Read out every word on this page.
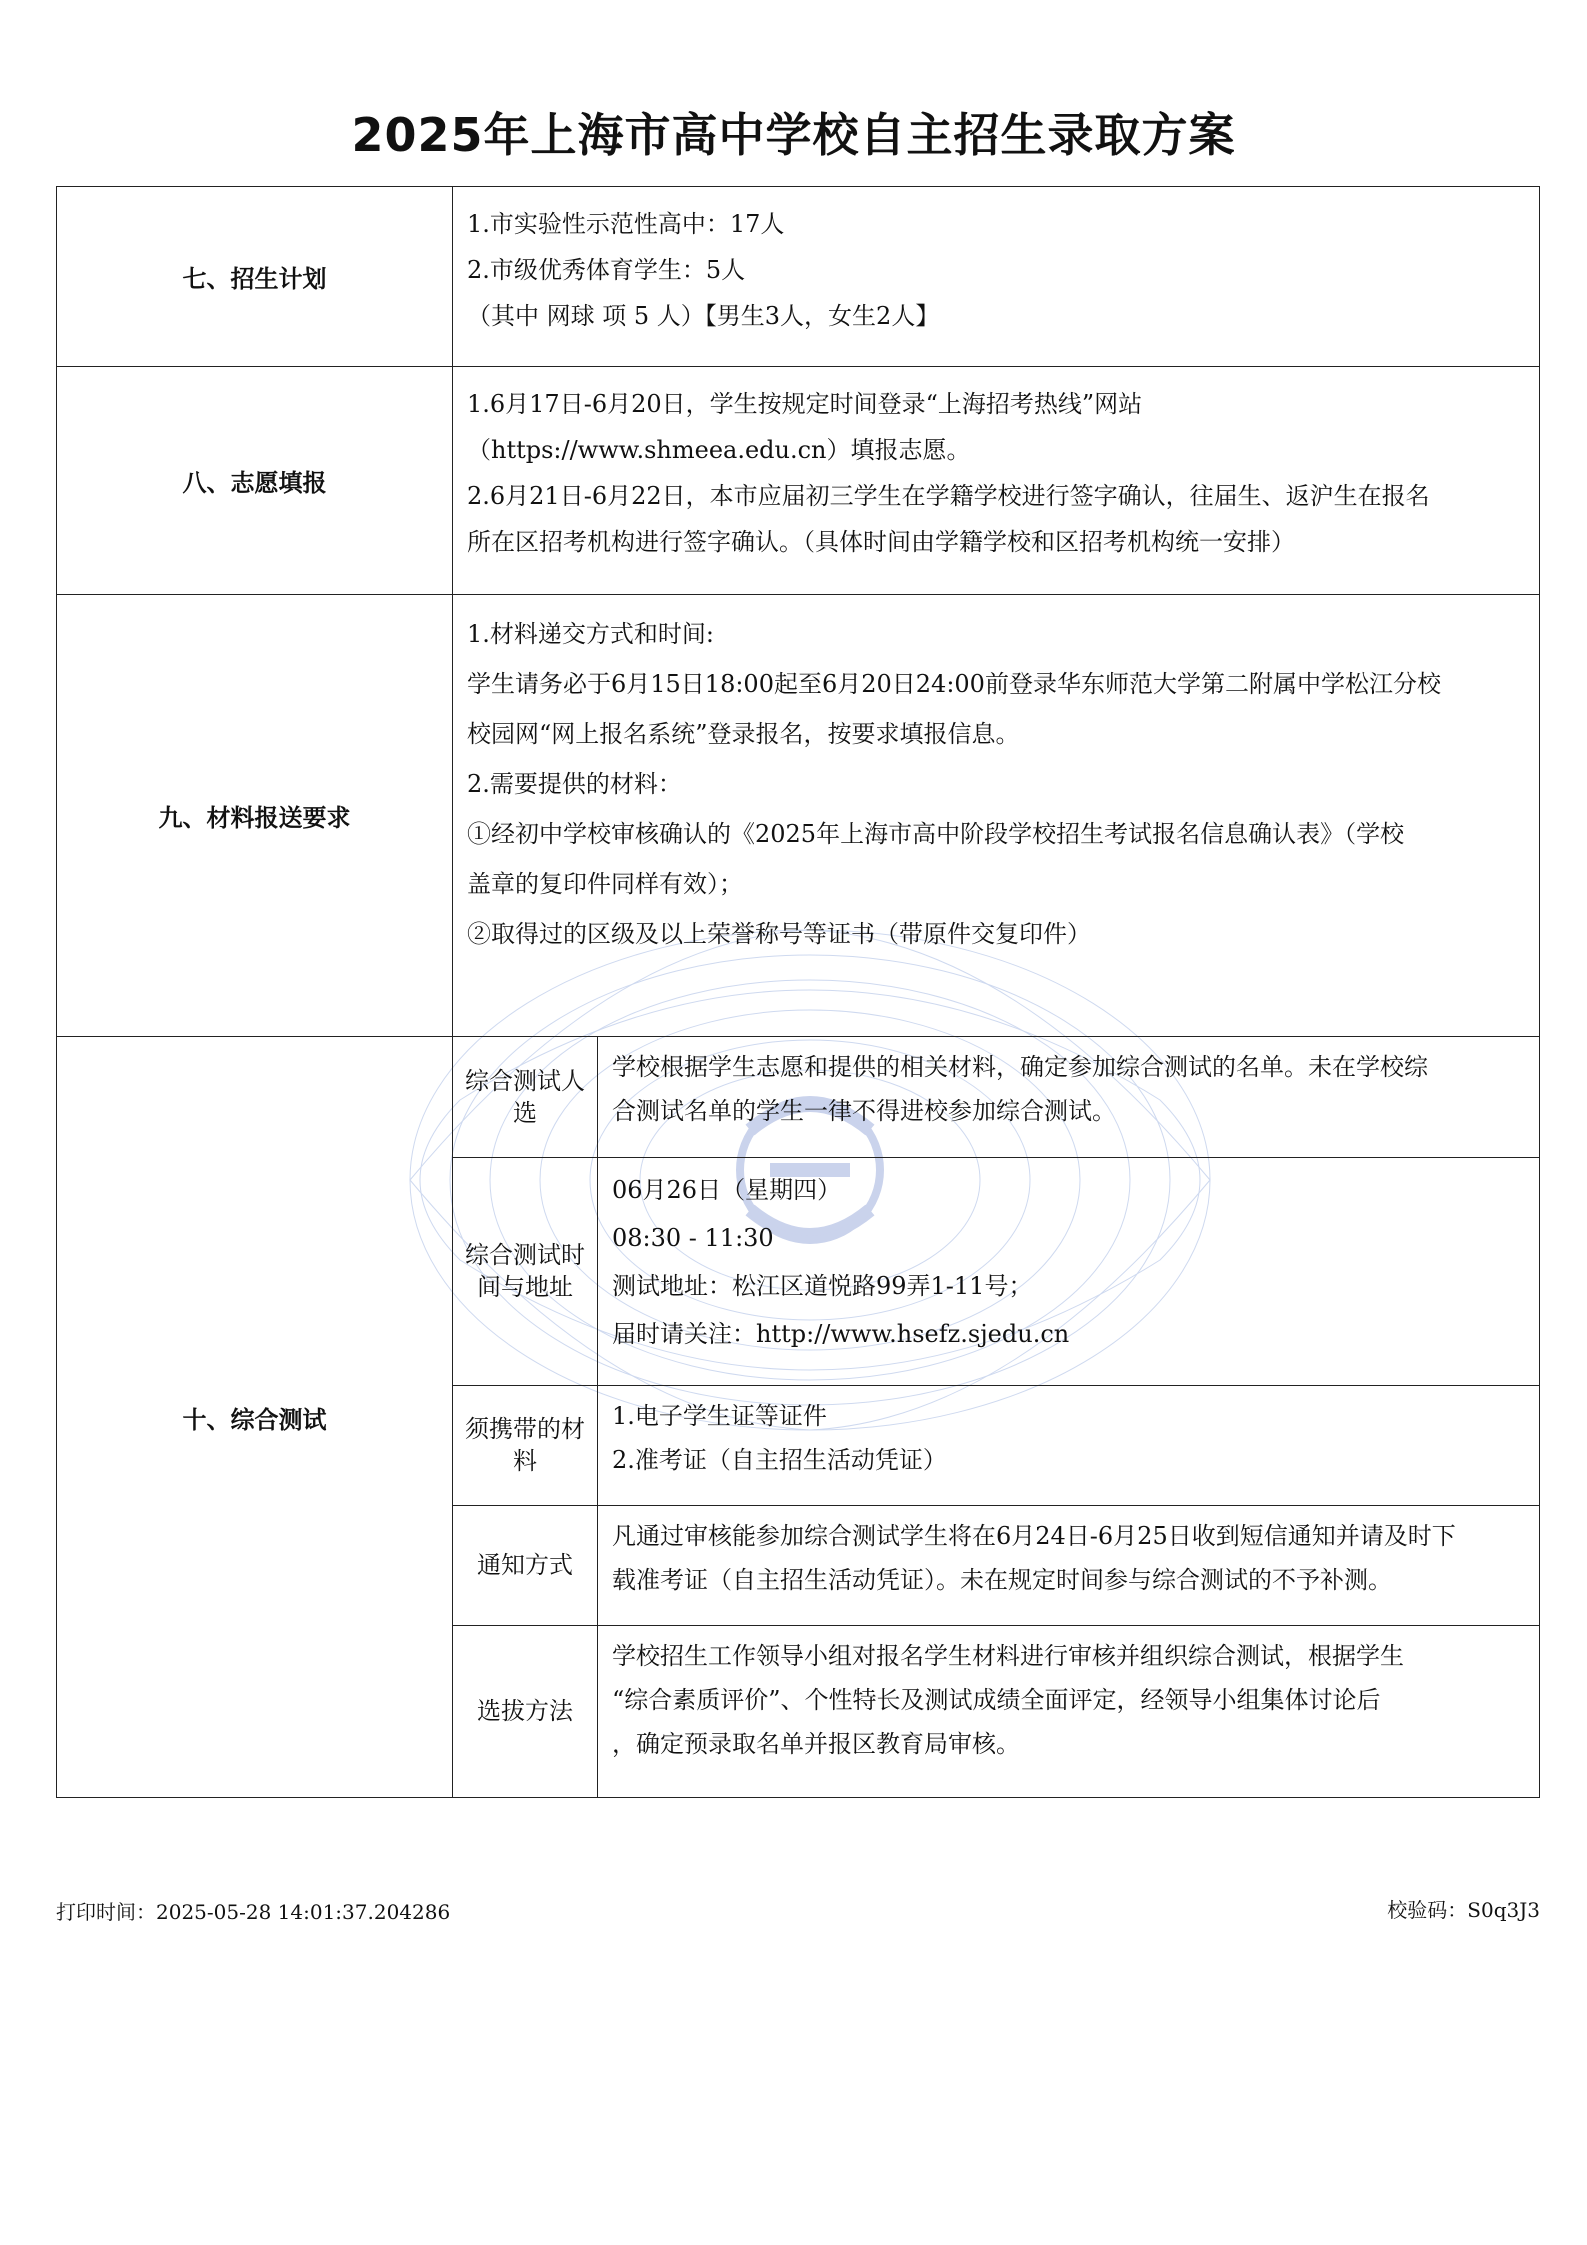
2025年上海市高中学校自主招生录取方案
七、招生计划	
1.市实验性示范性高中：17人
2.市级优秀体育学生：5人
（其中 网球 项 5 人）【男生3人，女生2人】

八、志愿填报	
1.6月17日-6月20日，学生按规定时间登录“上海招考热线”网站
（https://www.shmeea.edu.cn）填报志愿。
2.6月21日-6月22日，本市应届初三学生在学籍学校进行签字确认，往届生、返沪生在报名
所在区招考机构进行签字确认。（具体时间由学籍学校和区招考机构统一安排）

九、材料报送要求	
1.材料递交方式和时间:
学生请务必于6月15日18:00起至6月20日24:00前登录华东师范大学第二附属中学松江分校
校园网“网上报名系统”登录报名，按要求填报信息。
2.需要提供的材料：
①经初中学校审核确认的《2025年上海市高中阶段学校招生考试报名信息确认表》（学校
盖章的复印件同样有效）；
②取得过的区级及以上荣誉称号等证书（带原件交复印件）

十、综合测试	
综合测试人选	
学校根据学生志愿和提供的相关材料，确定参加综合测试的名单。未在学校综
合测试名单的学生一律不得进校参加综合测试。

综合测试时间与地址	
06月26日（星期四）
08:30 - 11:30
测试地址：松江区道悦路99弄1-11号；
届时请关注：http://www.hsefz.sjedu.cn

须携带的材料	
1.电子学生证等证件
2.准考证（自主招生活动凭证）

通知方式	
凡通过审核能参加综合测试学生将在6月24日-6月25日收到短信通知并请及时下
载准考证（自主招生活动凭证）。未在规定时间参与综合测试的不予补测。

选拔方法	
学校招生工作领导小组对报名学生材料进行审核并组织综合测试，根据学生
“综合素质评价”、个性特长及测试成绩全面评定，经领导小组集体讨论后
，确定预录取名单并报区教育局审核。
打印时间：2025-05-28 14:01:37.204286	校验码：S0q3J3
